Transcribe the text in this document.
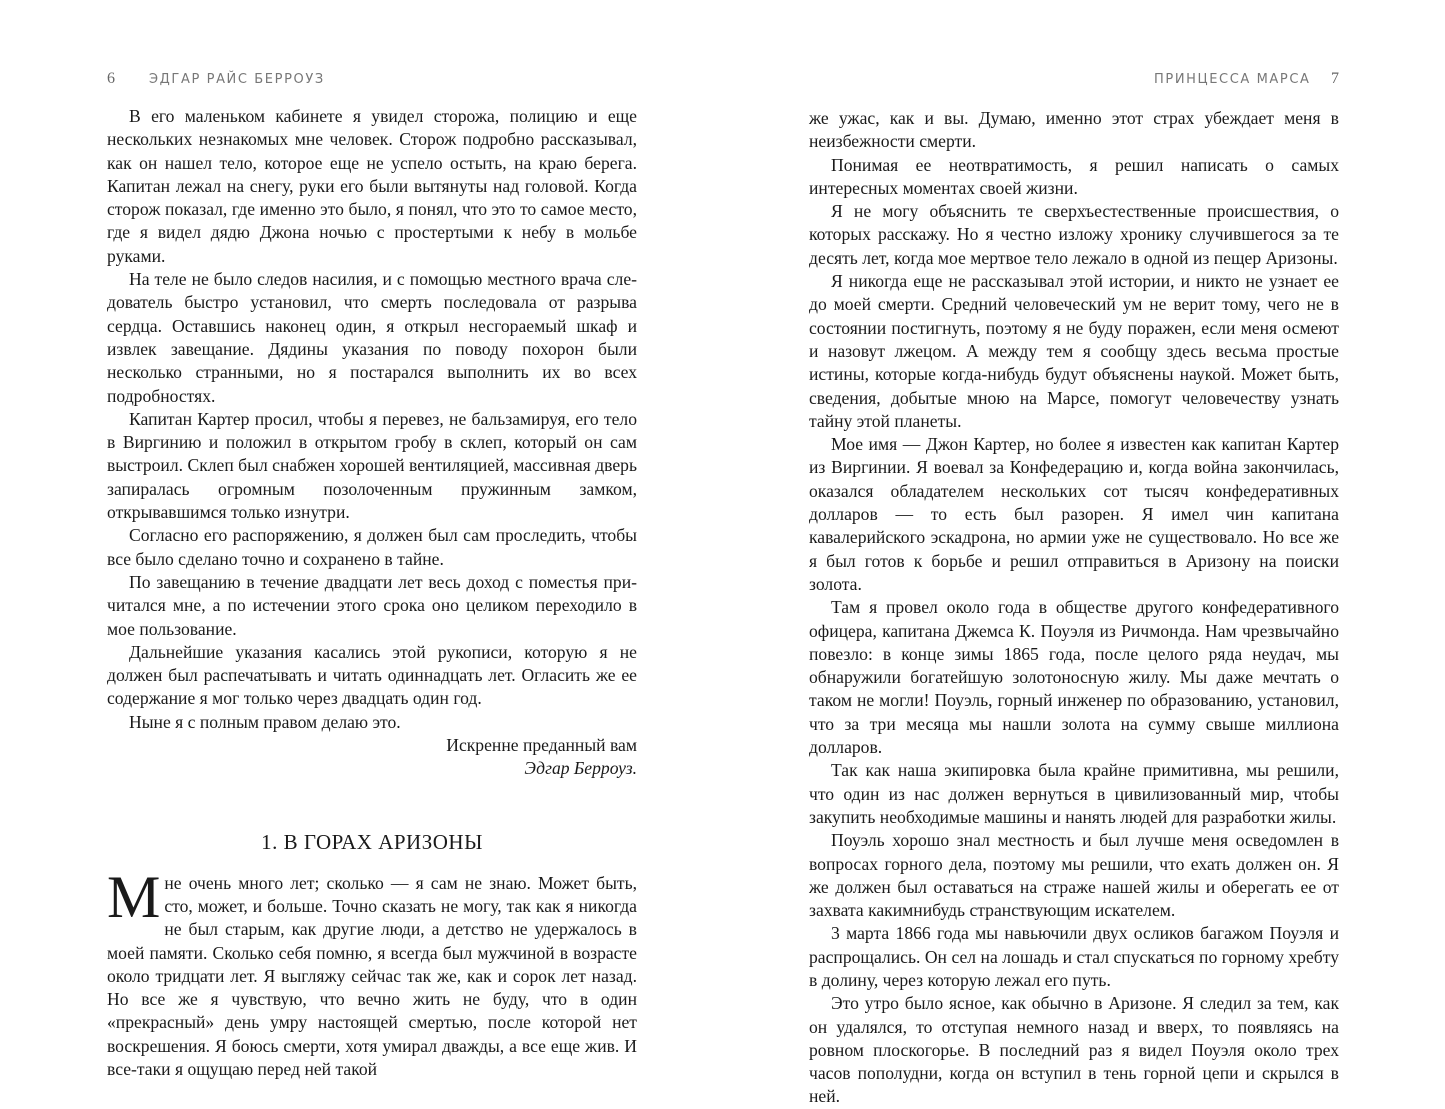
6	ЭДГАР РАЙС БЕРРОУЗ

В его маленьком кабинете я увидел сторожа, полицию и еще нескольких незнакомых мне человек. Сторож подробно рассказывал, как он нашел тело, которое еще не успело остыть, на краю берега. Капитан лежал на снегу, руки его были вытянуты над головой. Когда сторож показал, где именно это было, я понял, что это то самое место, где я видел дядю Джона ночью с простертыми к небу в мольбе руками.

На теле не было следов насилия, и с помощью местного врача следователь быстро установил, что смерть последовала от разрыва сердца. Оставшись наконец один, я открыл несгораемый шкаф и извлек завещание. Дядины указания по поводу похорон были несколько странными, но я постарался выполнить их во всех подробностях.

Капитан Картер просил, чтобы я перевез, не бальзамируя, его тело в Виргинию и положил в открытом гробу в склеп, который он сам выстроил. Склеп был снабжен хорошей вентиляцией, массивная дверь запиралась огромным позолоченным пружинным замком, открывавшимся только изнутри.

Согласно его распоряжению, я должен был сам проследить, чтобы все было сделано точно и сохранено в тайне.

По завещанию в течение двадцати лет весь доход с поместья причитался мне, а по истечении этого срока оно целиком переходило в мое пользование.

Дальнейшие указания касались этой рукописи, которую я не должен был распечатывать и читать одиннадцать лет. Огласить же ее содержание я мог только через двадцать один год.

Ныне я с полным правом делаю это.

Искренне преданный вам
Эдгар Берроуз.
1. В ГОРАХ АРИЗОНЫ

Мне очень много лет; сколько — я сам не знаю. Может быть, сто, может, и больше. Точно сказать не могу, так как я никогда не был старым, как другие люди, а детство не удержалось в моей памяти. Сколько себя помню, я всегда был мужчиной в возрасте около тридцати лет. Я выгляжу сейчас так же, как и сорок лет назад. Но все же я чувствую, что вечно жить не буду, что в один «прекрасный» день умру настоящей смертью, после которой нет воскрешения. Я боюсь смерти, хотя умирал дважды, а все еще жив. И все-таки я ощущаю перед ней такой

ПРИНЦЕССА МАРСА 7

же ужас, как и вы. Думаю, именно этот страх убеждает меня в неизбежности смерти.

Понимая ее неотвратимость, я решил написать о самых интересных моментах своей жизни.

Я не могу объяснить те сверхъестественные происшествия, о которых расскажу. Но я честно изложу хронику случившегося за те десять лет, когда мое мертвое тело лежало в одной из пещер Аризоны.

Я никогда еще не рассказывал этой истории, и никто не узнает ее до моей смерти. Средний человеческий ум не верит тому, чего не в состоянии постигнуть, поэтому я не буду поражен, если меня осмеют и назовут лжецом. А между тем я сообщу здесь весьма простые истины, которые когда-нибудь будут объяснены наукой. Может быть, сведения, добытые мною на Марсе, помогут человечеству узнать тайну этой планеты.

Мое имя — Джон Картер, но более я известен как капитан Картер из Виргинии. Я воевал за Конфедерацию и, когда война закончилась, оказался обладателем нескольких сот тысяч конфедеративных долларов — то есть был разорен. Я имел чин капитана кавалерийского эскадрона, но армии уже не существовало. Но все же я был готов к борьбе и решил отправиться в Аризону на поиски золота.

Там я провел около года в обществе другого конфедеративного офицера, капитана Джемса К. Поуэля из Ричмонда. Нам чрезвычайно повезло: в конце зимы 1865 года, после целого ряда неудач, мы обнаружили богатейшую золотоносную жилу. Мы даже мечтать о таком не могли! Поуэль, горный инженер по образованию, установил, что за три месяца мы нашли золота на сумму свыше миллиона долларов.

Так как наша экипировка была крайне примитивна, мы решили, что один из нас должен вернуться в цивилизованный мир, чтобы закупить необходимые машины и нанять людей для разработки жилы.

Поуэль хорошо знал местность и был лучше меня осведомлен в вопросах горного дела, поэтому мы решили, что ехать должен он. Я же должен был оставаться на страже нашей жилы и оберегать ее от захвата какимнибудь странствующим искателем.

3 марта 1866 года мы навьючили двух осликов багажом Поуэля и распрощались. Он сел на лошадь и стал спускаться по горному хребту в долину, через которую лежал его путь.

Это утро было ясное, как обычно в Аризоне. Я следил за тем, как он удалялся, то отступая немного назад и вверх, то появляясь на ровном плоскогорье. В последний раз я видел Поуэля около трех часов пополудни, когда он вступил в тень горной цепи и скрылся в ней.
